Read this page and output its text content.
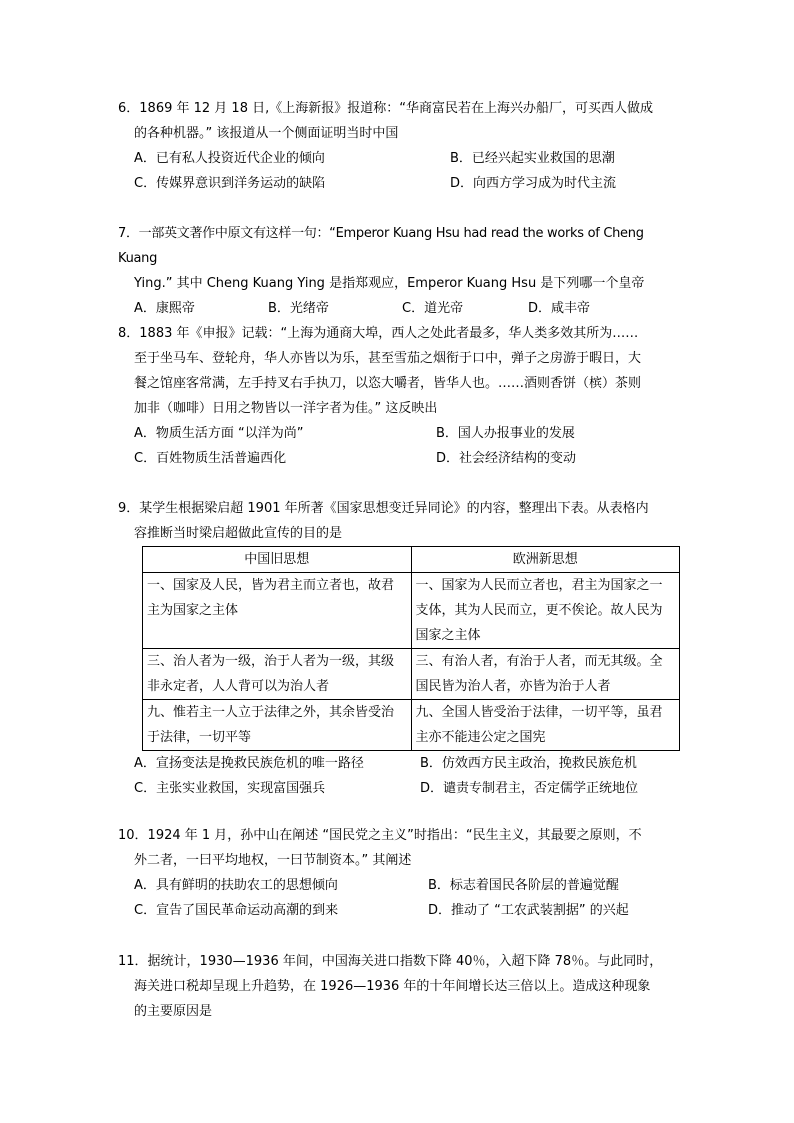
6．1869 年 12 月 18 日,《上海新报》报道称：“华商富民若在上海兴办船厂，可买西人做成
的各种机器。” 该报道从一个侧面证明当时中国
A．已有私人投资近代企业的倾向	B．已经兴起实业救国的思潮
C．传媒界意识到洋务运动的缺陷	D．向西方学习成为时代主流
7．一部英文著作中原文有这样一句：“Emperor Kuang Hsu had read the works of Cheng Kuang
Ying.” 其中 Cheng Kuang Ying 是指郑观应，Emperor Kuang Hsu 是下列哪一个皇帝
A．康熙帝	B．光绪帝	C．道光帝	D．咸丰帝
8．1883 年《申报》记载：“上海为通商大埠，西人之处此者最多，华人类多效其所为……
至于坐马车、登轮舟，华人亦皆以为乐，甚至雪茄之烟衔于口中，弹子之房游于暇日，大
餐之馆座客常满，左手持叉右手执刀，以恣大嚼者，皆华人也。……酒则香饼（槟）茶则
加非（咖啡）日用之物皆以一洋字者为佳。” 这反映出
A．物质生活方面 “以洋为尚”	B．国人办报事业的发展
C．百姓物质生活普遍西化	D．社会经济结构的变动
9．某学生根据梁启超 1901 年所著《国家思想变迁异同论》的内容，整理出下表。从表格内
容推断当时梁启超做此宣传的目的是
中国旧思想	欧洲新思想
一、国家及人民，皆为君主而立者也，故君主为国家之主体	一、国家为人民而立者也，君主为国家之一支体，其为人民而立，更不俟论。故人民为国家之主体
三、治人者为一级，治于人者为一级，其级非永定者，人人背可以为治人者	三、有治人者，有治于人者，而无其级。全国民皆为治人者，亦皆为治于人者
九、惟若主一人立于法律之外，其余皆受治于法律，一切平等	九、全国人皆受治于法律，一切平等，虽君主亦不能违公定之国宪
A．宣扬变法是挽救民族危机的唯一路径	B．仿效西方民主政治，挽救民族危机
C．主张实业救国，实现富国强兵	D．谴责专制君主，否定儒学正统地位
10．1924 年 1 月，孙中山在阐述 “国民党之主义”时指出：“民生主义，其最要之原则，不
外二者，一曰平均地权，一曰节制资本。” 其阐述
A．具有鲜明的扶助农工的思想倾向	B．标志着国民各阶层的普遍觉醒
C．宣告了国民革命运动高潮的到来	D．推动了 “工农武装割据” 的兴起
11．据统计，1930—1936 年间，中国海关进口指数下降 40％，入超下降 78％。与此同时，
海关进口税却呈现上升趋势，在 1926—1936 年的十年间增长达三倍以上。造成这种现象
的主要原因是
